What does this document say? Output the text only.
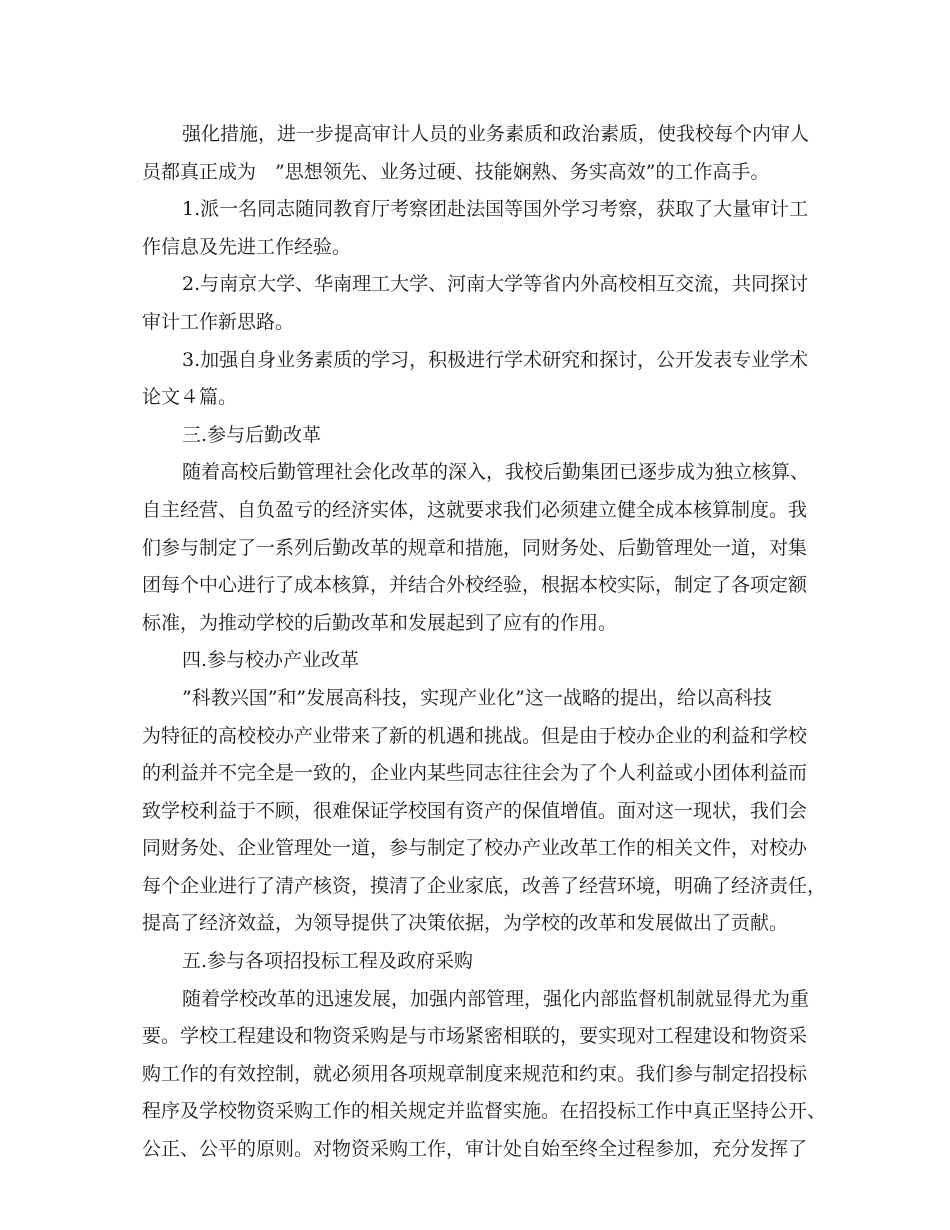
强化措施，进一步提高审计人员的业务素质和政治素质，使我校每个内审人
员都真正成为　”思想领先、业务过硬、技能娴熟、务实高效”的工作高手。
1.派一名同志随同教育厅考察团赴法国等国外学习考察，获取了大量审计工
作信息及先进工作经验。
2.与南京大学、华南理工大学、河南大学等省内外高校相互交流，共同探讨
审计工作新思路。
3.加强自身业务素质的学习，积极进行学术研究和探讨，公开发表专业学术
论文４篇。
三.参与后勤改革
随着高校后勤管理社会化改革的深入，我校后勤集团已逐步成为独立核算、
自主经营、自负盈亏的经济实体，这就要求我们必须建立健全成本核算制度。我
们参与制定了一系列后勤改革的规章和措施，同财务处、后勤管理处一道，对集
团每个中心进行了成本核算，并结合外校经验，根据本校实际，制定了各项定额
标准，为推动学校的后勤改革和发展起到了应有的作用。
四.参与校办产业改革
”科教兴国”和”发展高科技，实现产业化”这一战略的提出，给以高科技
为特征的高校校办产业带来了新的机遇和挑战。但是由于校办企业的利益和学校
的利益并不完全是一致的，企业内某些同志往往会为了个人利益或小团体利益而
致学校利益于不顾，很难保证学校国有资产的保值增值。面对这一现状，我们会
同财务处、企业管理处一道，参与制定了校办产业改革工作的相关文件，对校办
每个企业进行了清产核资，摸清了企业家底，改善了经营环境，明确了经济责任，
提高了经济效益，为领导提供了决策依据，为学校的改革和发展做出了贡献。
五.参与各项招投标工程及政府采购
随着学校改革的迅速发展，加强内部管理，强化内部监督机制就显得尤为重
要。学校工程建设和物资采购是与市场紧密相联的，要实现对工程建设和物资采
购工作的有效控制，就必须用各项规章制度来规范和约束。我们参与制定招投标
程序及学校物资采购工作的相关规定并监督实施。在招投标工作中真正坚持公开、
公正、公平的原则。对物资采购工作，审计处自始至终全过程参加，充分发挥了
